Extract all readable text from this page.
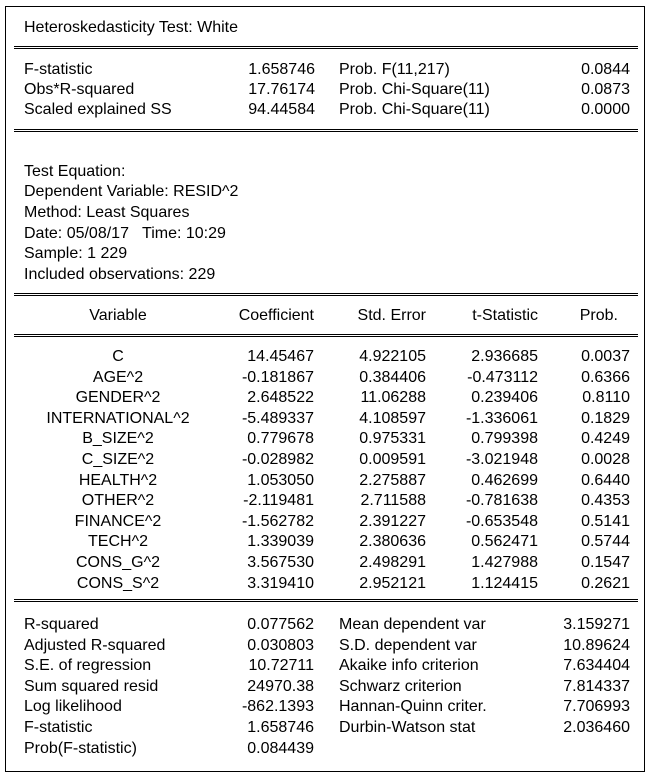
Heteroskedasticity Test: White
F-statistic	1.658746 Prob. F(11,217)	0.0844
Obs*R-squared	17.76174 Prob. Chi-Square(11)	0.0873
Scaled explained SS	94.44584 Prob. Chi-Square(11)	0.0000
Test Equation:
Dependent Variable: RESID^2
Method: Least Squares
Date: 05/08/17   Time: 10:29
Sample: 1 229
Included observations: 229
Variable	Coefficient	Std. Error	t-Statistic	Prob.
C	14.45467	4.922105	2.936685	0.0037
AGE^2	-0.181867	0.384406	-0.473112	0.6366
GENDER^2	2.648522	11.06288	0.239406	0.8110
INTERNATIONAL^2	-5.489337	4.108597	-1.336061	0.1829
B_SIZE^2	0.779678	0.975331	0.799398	0.4249
C_SIZE^2	-0.028982	0.009591	-3.021948	0.0028
HEALTH^2	1.053050	2.275887	0.462699	0.6440
OTHER^2	-2.119481	2.711588	-0.781638	0.4353
FINANCE^2	-1.562782	2.391227	-0.653548	0.5141
TECH^2	1.339039	2.380636	0.562471	0.5744
CONS_G^2	3.567530	2.498291	1.427988	0.1547
CONS_S^2	3.319410	2.952121	1.124415	0.2621
R-squared	0.077562 Mean dependent var	3.159271
Adjusted R-squared	0.030803 S.D. dependent var	10.89624
S.E. of regression	10.72711 Akaike info criterion	7.634404
Sum squared resid	24970.38 Schwarz criterion	7.814337
Log likelihood	-862.1393 Hannan-Quinn criter.	7.706993
F-statistic	1.658746 Durbin-Watson stat	2.036460
Prob(F-statistic)	0.084439
